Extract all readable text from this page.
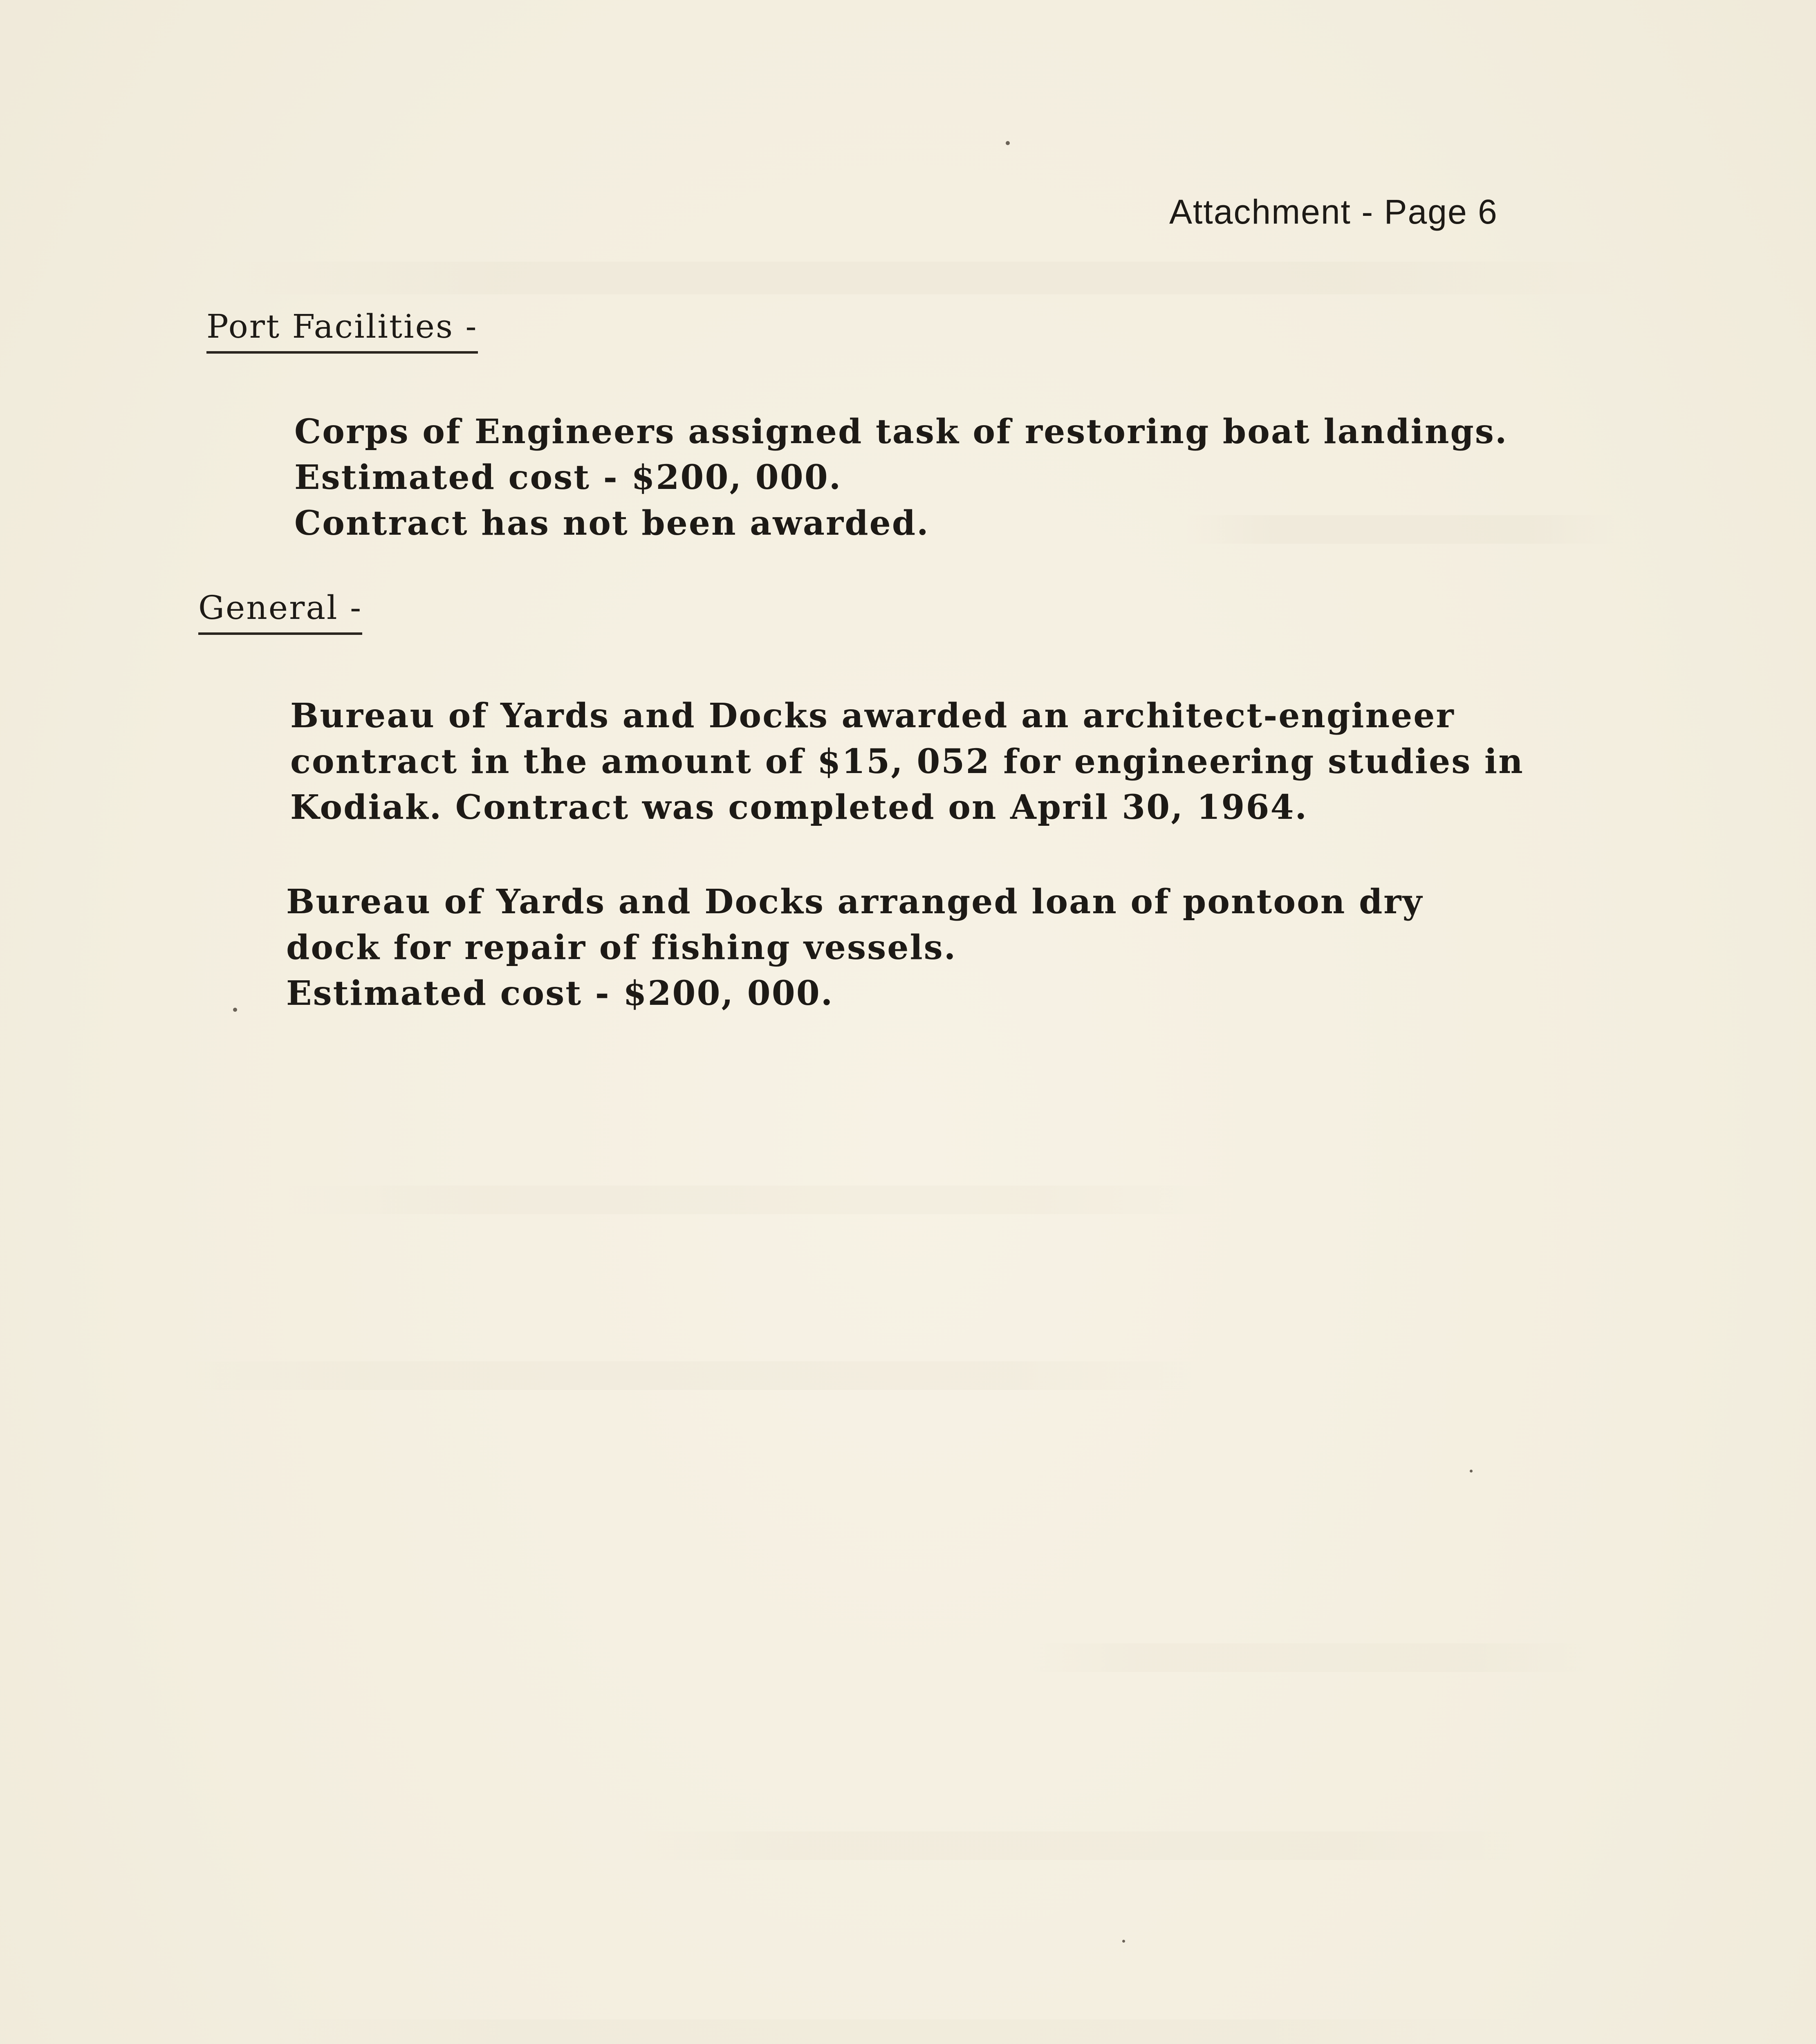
Attachment - Page 6
Port Facilities -
Corps of Engineers assigned task of restoring boat landings.
Estimated cost - $200, 000.
Contract has not been awarded.
General -
Bureau of Yards and Docks awarded an architect-engineer
contract in the amount of $15, 052 for engineering studies in
Kodiak. Contract was completed on April 30, 1964.
Bureau of Yards and Docks arranged loan of pontoon dry
dock for repair of fishing vessels.
Estimated cost - $200, 000.
